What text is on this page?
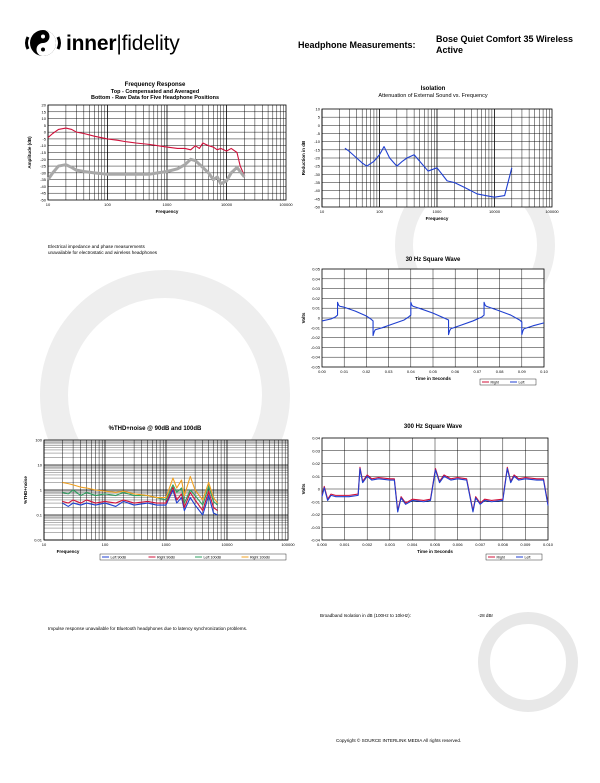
inner|fidelity	Headphone Measurements:
Bose Quiet Comfort 35 Wireless
Active
Frequency Response
Top - Compensated and Averaged
Bottom - Raw Data for Five Headphone Positions
Isolation
Attenuation of External Sound vs. Frequency
30 Hz Square Wave
300 Hz Square Wave
%THD+noise @ 90dB and 100dB
20
15
10
5
0
-5
-10
-15
-20
-25
-30
-35
-40
-45
-50
10	100	1000	10000	100000
Frequency
Amplitude (dB)
10
5
0
-5
-10
-15
-20
-25
-30
-35
-40
-45
-50
10	100	1000	10000	100000
Frequency
Reduction in dB
0.05
0.04
0.03
0.02
0.01
0
-0.01
-0.02
-0.03
-0.04
-0.05
0.00	0.01	0.02	0.03	0.04	0.05	0.06	0.07	0.08	0.09	0.10
Time in Seconds
Volts
Right	Left
100
10
1
0.1
0.01
10	100	1000	10000	100000
Frequency
%THD+noise
Left 90dB	Right 90dB	Left 100dB	Right 100dB
0.04
0.03
0.02
0.01
0
-0.01
-0.02
-0.03
-0.04
0.000	0.001	0.002	0.003	0.004	0.005	0.006	0.007	0.008	0.009	0.010
Time in Seconds
Volts
Right	Left
Electrical impedance and phase measurements
unavailable for electrostatic and wireless headphones
Impulse response unavailable for Bluetooth headphones due to latency synchronization problems.
Broadband Isolation in dB (100Hz to 10kHz):	-28 dBr
Copyright © SOURCE INTERLINK MEDIA All rights reserved.
